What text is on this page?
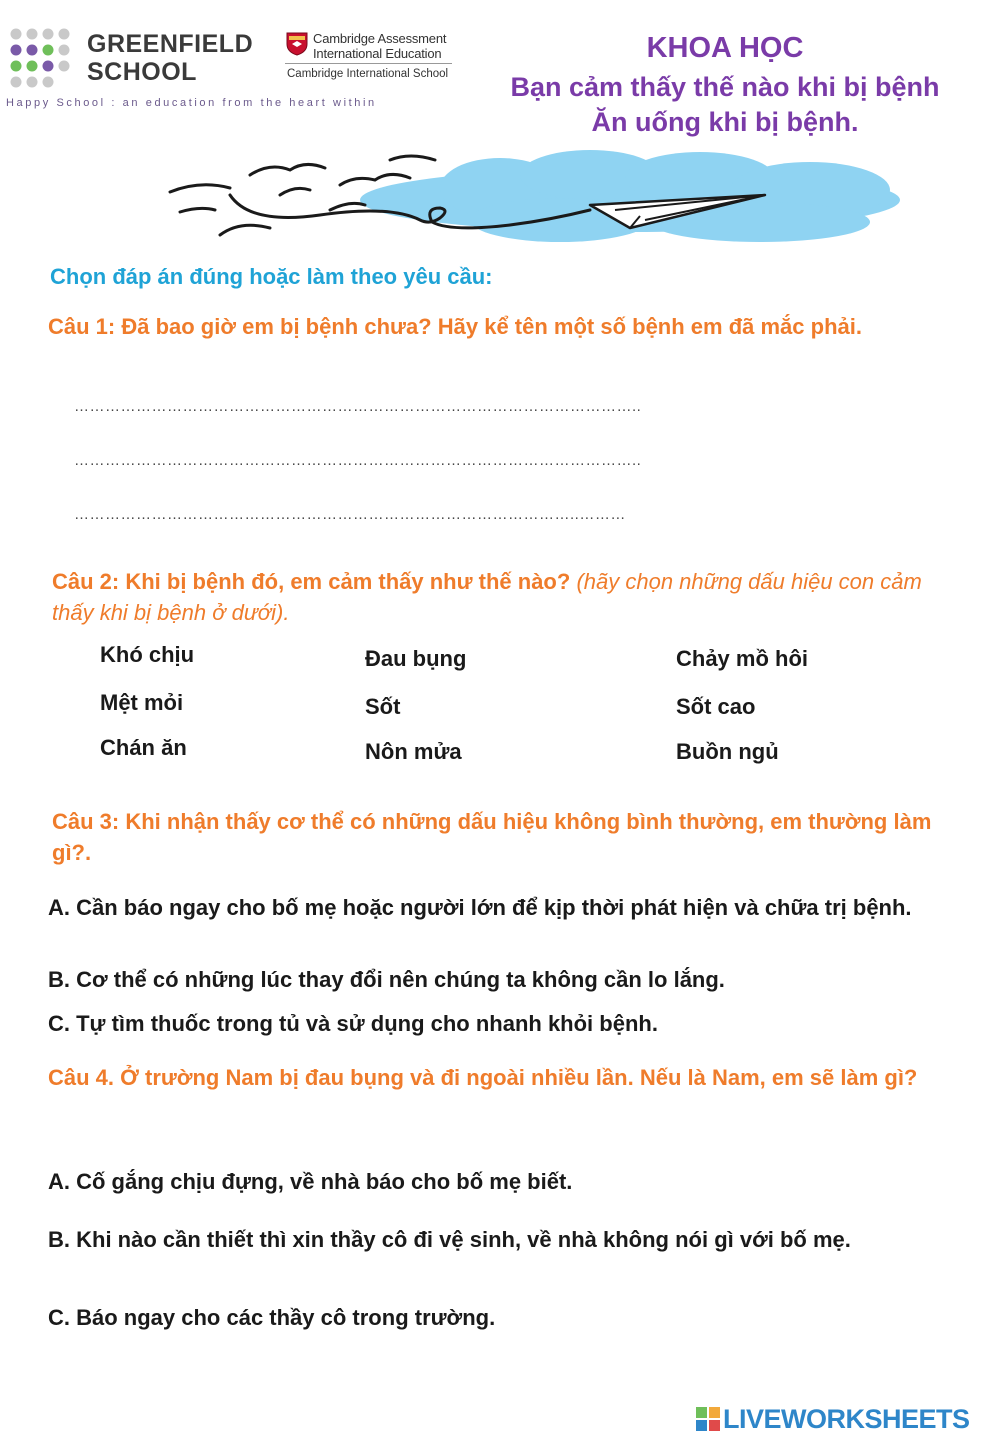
GREENFIELD
SCHOOL
Cambridge Assessment
International Education
Cambridge International School
Happy School : an education from the heart within
KHOA HỌC
Bạn cảm thấy thế nào khi bị bệnh
Ăn uống khi bị bệnh.
Chọn đáp án đúng hoặc làm theo yêu cầu:
Câu 1: Đã bao giờ em bị bệnh chưa? Hãy kể tên một số bệnh em đã mắc phải.
………………………………………………………………………………………………..
………………………………………………………………………………………………..
……………………………………………………………………………………..………
Câu 2: Khi bị bệnh đó, em cảm thấy như thế nào? (hãy chọn những dấu hiệu con cảm thấy khi bị bệnh ở dưới).
Khó chịu	Đau bụng	Chảy mồ hôi
Mệt mỏi	Sốt	Sốt cao
Chán ăn	Nôn mửa	Buồn ngủ
Câu 3: Khi nhận thấy cơ thể có những dấu hiệu không bình thường, em thường làm gì?.
A. Cần báo ngay cho bố mẹ hoặc người lớn để kịp thời phát hiện và chữa trị bệnh.
B. Cơ thể có những lúc thay đổi nên chúng ta không cần lo lắng.
C. Tự tìm thuốc trong tủ và sử dụng cho nhanh khỏi bệnh.
Câu 4. Ở trường Nam bị đau bụng và đi ngoài nhiều lần. Nếu là Nam, em sẽ làm gì?
A. Cố gắng chịu đựng, về nhà báo cho bố mẹ biết.
B. Khi nào cần thiết thì xin thầy cô đi vệ sinh, về nhà không nói gì với bố mẹ.
C. Báo ngay cho các thầy cô trong trường.
LIVEWORKSHEETS
